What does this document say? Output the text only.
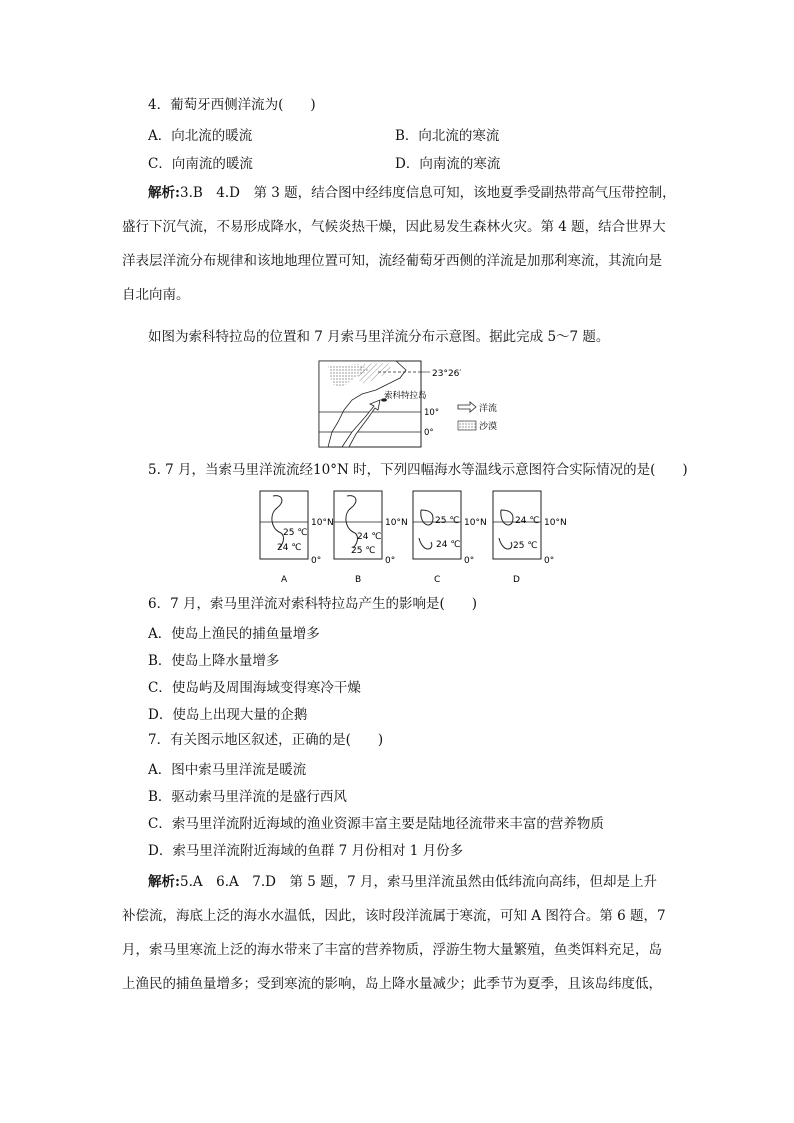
4．葡萄牙西侧洋流为(　　)
A．向北流的暖流	B．向北流的寒流
C．向南流的暖流	D．向南流的寒流
解析:3.B　4.D　第 3 题，结合图中经纬度信息可知，该地夏季受副热带高气压带控制，
盛行下沉气流，不易形成降水，气候炎热干燥，因此易发生森林火灾。第 4 题，结合世界大
洋表层洋流分布规律和该地地理位置可知，流经葡萄牙西侧的洋流是加那利寒流，其流向是
自北向南。
如图为索科特拉岛的位置和 7 月索马里洋流分布示意图。据此完成 5～7 题。
23°26′
索科特拉岛
10°
0°
洋流
沙漠
5. 7 月，当索马里洋流流经10°N 时，下列四幅海水等温线示意图符合实际情况的是(　　)
25 ℃
24 ℃
A
24 ℃
25 ℃
B
25 ℃
24 ℃
C
24 ℃
25 ℃
D
10°N	10°N	10°N	10°N
0°	0°	0°	0°
6．7 月，索马里洋流对索科特拉岛产生的影响是(　　)
A．使岛上渔民的捕鱼量增多
B．使岛上降水量增多
C．使岛屿及周围海域变得寒冷干燥
D．使岛上出现大量的企鹅
7．有关图示地区叙述，正确的是(　　)
A．图中索马里洋流是暖流
B．驱动索马里洋流的是盛行西风
C．索马里洋流附近海域的渔业资源丰富主要是陆地径流带来丰富的营养物质
D．索马里洋流附近海域的鱼群 7 月份相对 1 月份多
解析:5.A　6.A　7.D　第 5 题，7 月，索马里洋流虽然由低纬流向高纬，但却是上升
补偿流，海底上泛的海水水温低，因此，该时段洋流属于寒流，可知 A 图符合。第 6 题，7
月，索马里寒流上泛的海水带来了丰富的营养物质，浮游生物大量繁殖，鱼类饵料充足，岛
上渔民的捕鱼量增多；受到寒流的影响，岛上降水量减少；此季节为夏季，且该岛纬度低，
